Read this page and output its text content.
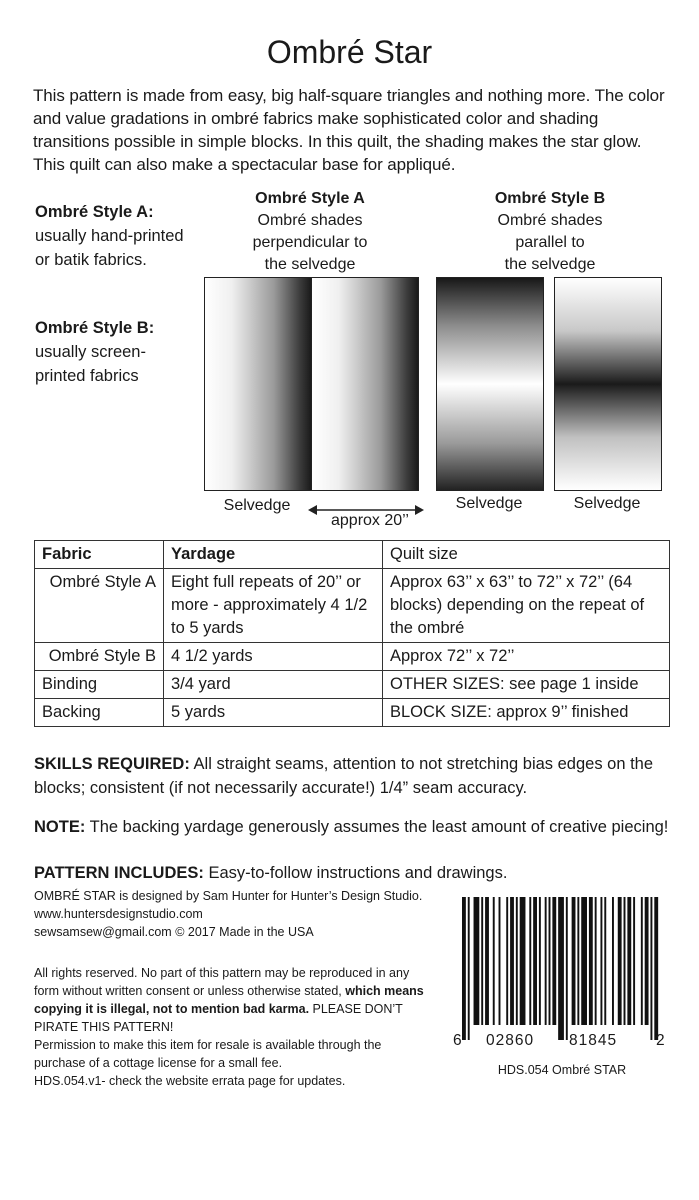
Ombré Star
This pattern is made from easy, big half-square triangles and nothing more. The color and value gradations in ombré fabrics make sophisticated color and shading transitions possible in simple blocks. In this quilt, the shading makes the star glow. This quilt can also make a spectacular base for appliqué.
Ombré Style A:
usually hand-printed or batik fabrics.
Ombré Style B:
usually screen-printed fabrics
Ombré Style A
Ombré shades
perpendicular to
the selvedge
Ombré Style B
Ombré shades
parallel to
the selvedge
Selvedge	Selvedge	Selvedge
approx 20’’
Fabric	Yardage	Quilt size
Ombré Style A	Eight full repeats of 20’’ or more - approximately 4 1/2 to 5 yards	Approx 63’’ x 63’’ to 72’’ x 72’’ (64 blocks) depending on the repeat of the ombré
Ombré Style B	4 1/2 yards	Approx 72’’ x 72’’
Binding	3/4 yard	OTHER SIZES: see page 1 inside
Backing	5 yards	BLOCK SIZE: approx 9’’ finished
SKILLS REQUIRED: All straight seams, attention to not stretching bias edges on the blocks; consistent (if not necessarily accurate!) 1/4” seam accuracy.
NOTE: The backing yardage generously assumes the least amount of creative piecing!
PATTERN INCLUDES: Easy-to-follow instructions and drawings.
OMBRÉ STAR is designed by Sam Hunter for Hunter’s Design Studio. www.huntersdesignstudio.com
sewsamsew@gmail.com © 2017 Made in the USA
All rights reserved. No part of this pattern may be reproduced in any form without written consent or unless otherwise stated, which means copying it is illegal, not to mention bad karma. PLEASE DON’T PIRATE THIS PATTERN!
Permission to make this item for resale is available through the purchase of a cottage license for a small fee.
HDS.054.v1- check the website errata page for updates.
6 02860 81845	2
HDS.054 Ombré STAR
